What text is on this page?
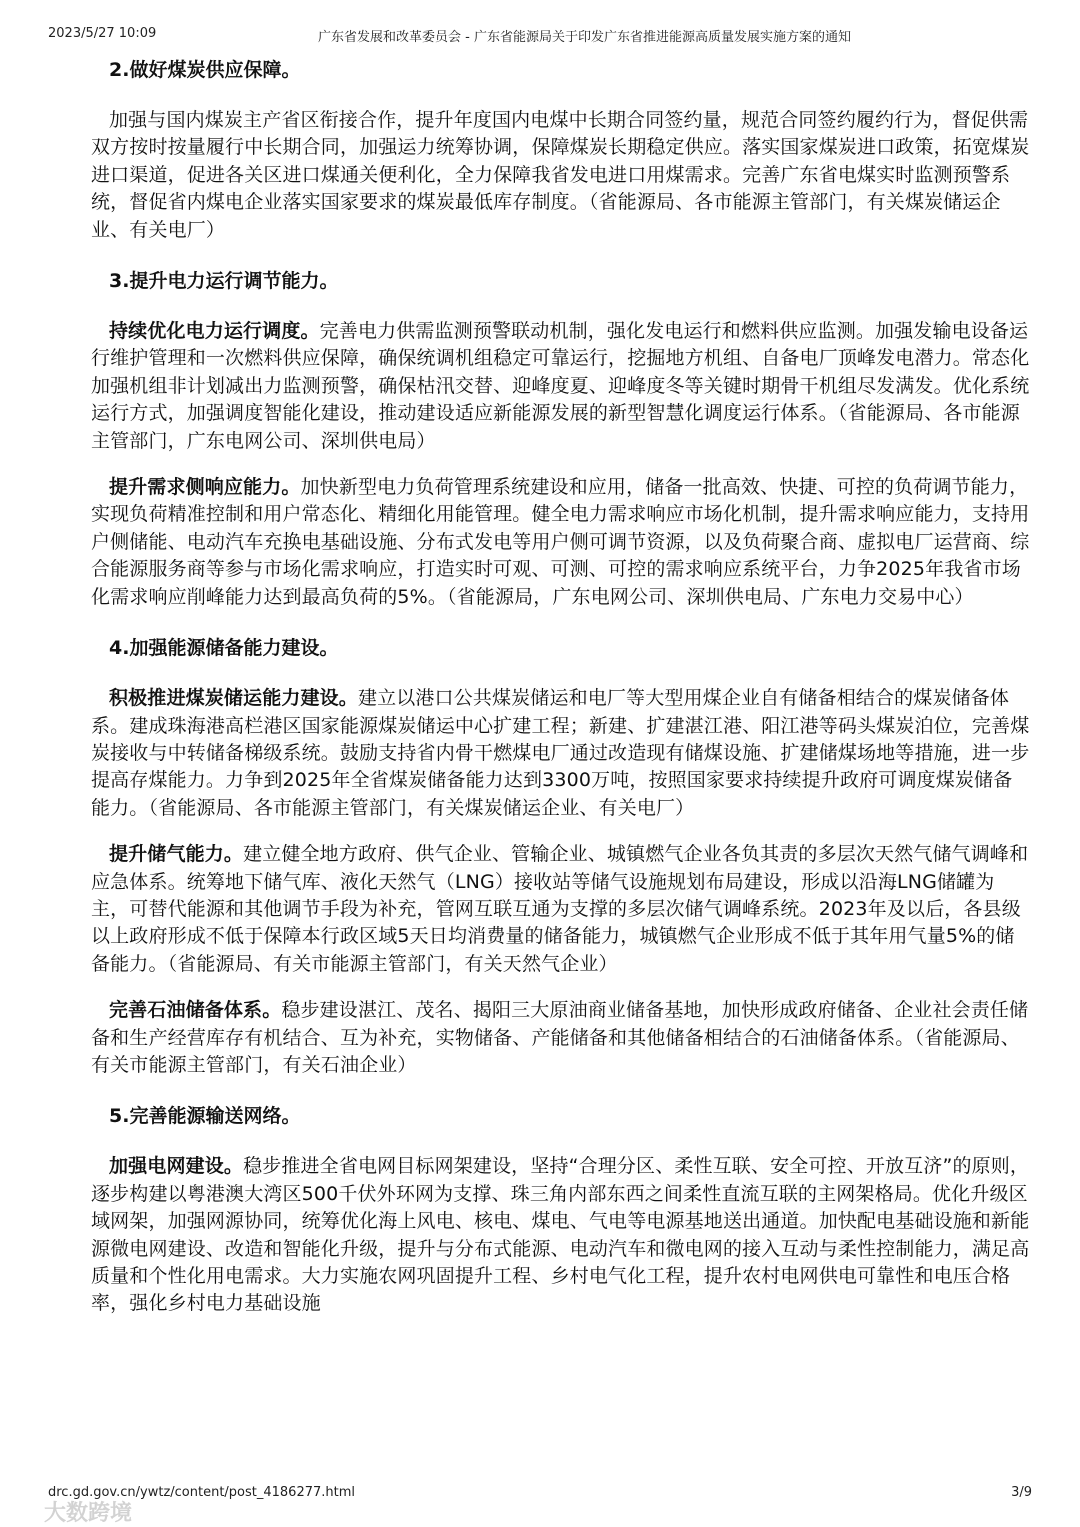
2023/5/27 10:09	广东省发展和改革委员会 - 广东省能源局关于印发广东省推进能源高质量发展实施方案的通知
2.做好煤炭供应保障。

加强与国内煤炭主产省区衔接合作，提升年度国内电煤中长期合同签约量，规范合同签约履约行为，督促供需双方按时按量履行中长期合同，加强运力统筹协调，保障煤炭长期稳定供应。落实国家煤炭进口政策，拓宽煤炭进口渠道，促进各关区进口煤通关便利化，全力保障我省发电进口用煤需求。完善广东省电煤实时监测预警系统，督促省内煤电企业落实国家要求的煤炭最低库存制度。（省能源局、各市能源主管部门，有关煤炭储运企业、有关电厂）

3.提升电力运行调节能力。

持续优化电力运行调度。完善电力供需监测预警联动机制，强化发电运行和燃料供应监测。加强发输电设备运行维护管理和一次燃料供应保障，确保统调机组稳定可靠运行，挖掘地方机组、自备电厂顶峰发电潜力。常态化加强机组非计划减出力监测预警，确保枯汛交替、迎峰度夏、迎峰度冬等关键时期骨干机组尽发满发。优化系统运行方式，加强调度智能化建设，推动建设适应新能源发展的新型智慧化调度运行体系。（省能源局、各市能源主管部门，广东电网公司、深圳供电局）

提升需求侧响应能力。加快新型电力负荷管理系统建设和应用，储备一批高效、快捷、可控的负荷调节能力，实现负荷精准控制和用户常态化、精细化用能管理。健全电力需求响应市场化机制，提升需求响应能力，支持用户侧储能、电动汽车充换电基础设施、分布式发电等用户侧可调节资源，以及负荷聚合商、虚拟电厂运营商、综合能源服务商等参与市场化需求响应，打造实时可观、可测、可控的需求响应系统平台，力争2025年我省市场化需求响应削峰能力达到最高负荷的5%。（省能源局，广东电网公司、深圳供电局、广东电力交易中心）

4.加强能源储备能力建设。

积极推进煤炭储运能力建设。建立以港口公共煤炭储运和电厂等大型用煤企业自有储备相结合的煤炭储备体系。建成珠海港高栏港区国家能源煤炭储运中心扩建工程；新建、扩建湛江港、阳江港等码头煤炭泊位，完善煤炭接收与中转储备梯级系统。鼓励支持省内骨干燃煤电厂通过改造现有储煤设施、扩建储煤场地等措施，进一步提高存煤能力。力争到2025年全省煤炭储备能力达到3300万吨，按照国家要求持续提升政府可调度煤炭储备能力。（省能源局、各市能源主管部门，有关煤炭储运企业、有关电厂）

提升储气能力。建立健全地方政府、供气企业、管输企业、城镇燃气企业各负其责的多层次天然气储气调峰和应急体系。统筹地下储气库、液化天然气（LNG）接收站等储气设施规划布局建设，形成以沿海LNG储罐为主，可替代能源和其他调节手段为补充，管网互联互通为支撑的多层次储气调峰系统。2023年及以后，各县级以上政府形成不低于保障本行政区域5天日均消费量的储备能力，城镇燃气企业形成不低于其年用气量5%的储备能力。（省能源局、有关市能源主管部门，有关天然气企业）

完善石油储备体系。稳步建设湛江、茂名、揭阳三大原油商业储备基地，加快形成政府储备、企业社会责任储备和生产经营库存有机结合、互为补充，实物储备、产能储备和其他储备相结合的石油储备体系。（省能源局、有关市能源主管部门，有关石油企业）

5.完善能源输送网络。

加强电网建设。稳步推进全省电网目标网架建设，坚持“合理分区、柔性互联、安全可控、开放互济”的原则，逐步构建以粤港澳大湾区500千伏外环网为支撑、珠三角内部东西之间柔性直流互联的主网架格局。优化升级区域网架，加强网源协同，统筹优化海上风电、核电、煤电、气电等电源基地送出通道。加快配电基础设施和新能源微电网建设、改造和智能化升级，提升与分布式能源、电动汽车和微电网的接入互动与柔性控制能力，满足高质量和个性化用电需求。大力实施农网巩固提升工程、乡村电气化工程，提升农村电网供电可靠性和电压合格率，强化乡村电力基础设施

drc.gd.gov.cn/ywtz/content/post_4186277.html	3/9
大数跨境
